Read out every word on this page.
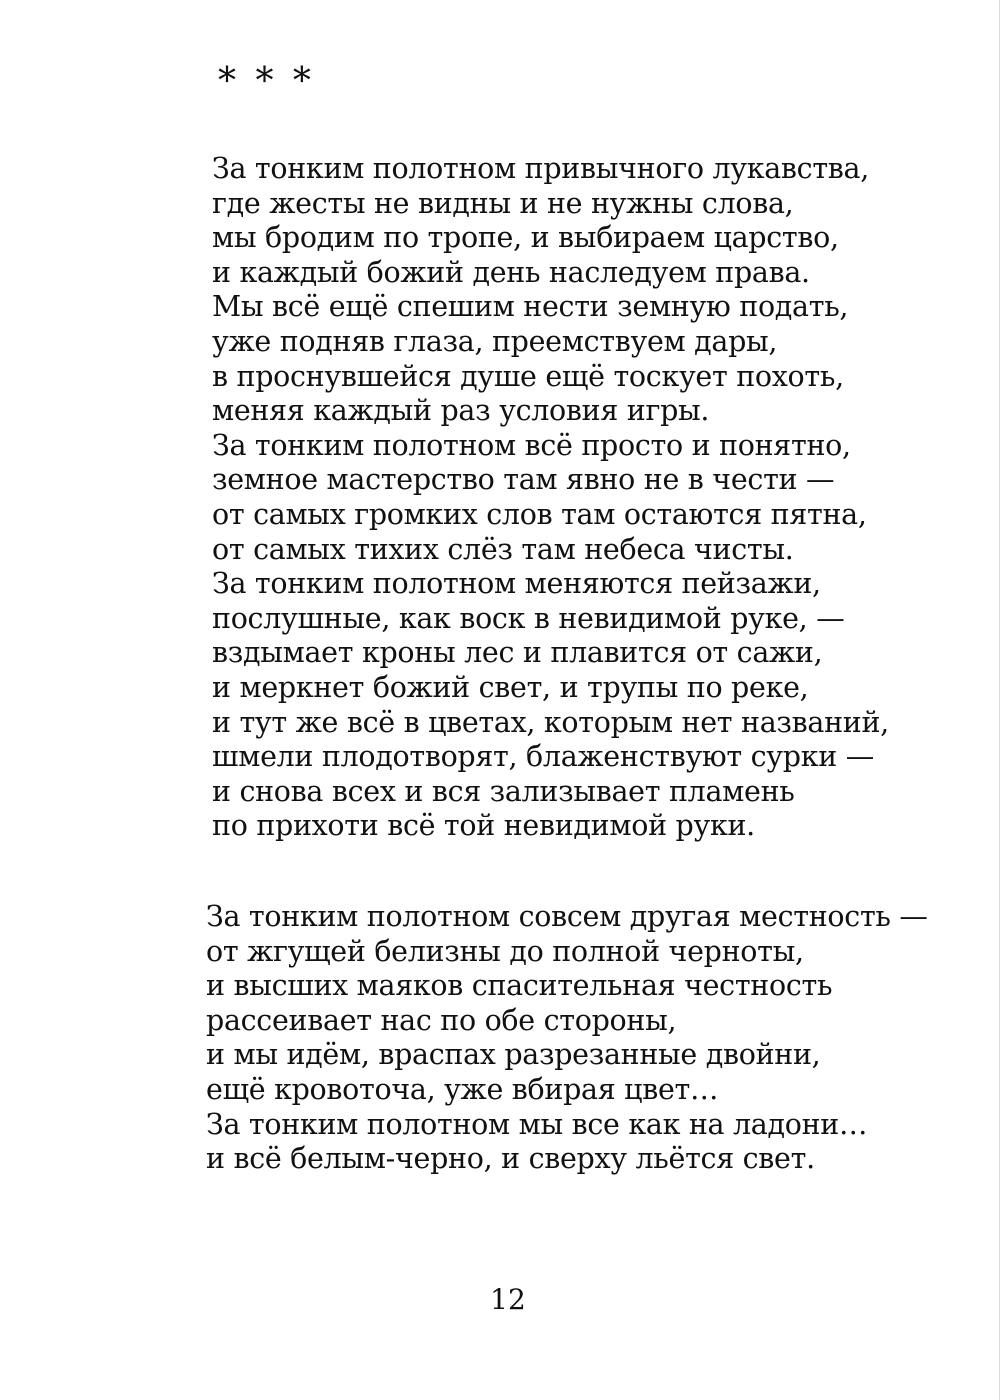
* * *
За тонким полотном привычного лукавства,
где жесты не видны и не нужны слова,
мы бродим по тропе, и выбираем царство,
и каждый божий день наследуем права.
Мы всё ещё спешим нести земную подать,
уже подняв глаза, преемствуем дары,
в проснувшейся душе ещё тоскует похоть,
меняя каждый раз условия игры.
За тонким полотном всё просто и понятно,
земное мастерство там явно не в чести —
от самых громких слов там остаются пятна,
от самых тихих слёз там небеса чисты.
За тонким полотном меняются пейзажи,
послушные, как воск в невидимой руке, —
вздымает кроны лес и плавится от сажи,
и меркнет божий свет, и трупы по реке,
и тут же всё в цветах, которым нет названий,
шмели плодотворят, блаженствуют сурки —
и снова всех и вся зализывает пламень
по прихоти всё той невидимой руки.
За тонким полотном совсем другая местность —
от жгущей белизны до полной черноты,
и высших маяков спасительная честность
рассеивает нас по обе стороны,
и мы идём, враспах разрезанные двойни,
ещё кровоточа, уже вбирая цвет…
За тонким полотном мы все как на ладони…
и всё белым-черно, и сверху льётся свет.
12
